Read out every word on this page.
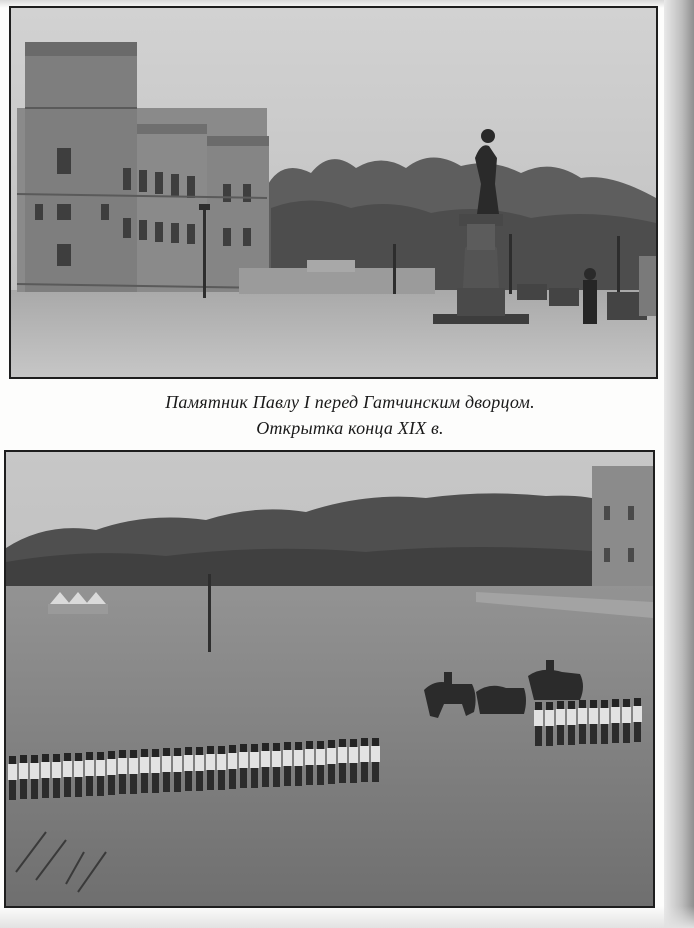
Памятник Павлу I перед Гатчинским дворцом.
Открытка конца XIX в.
